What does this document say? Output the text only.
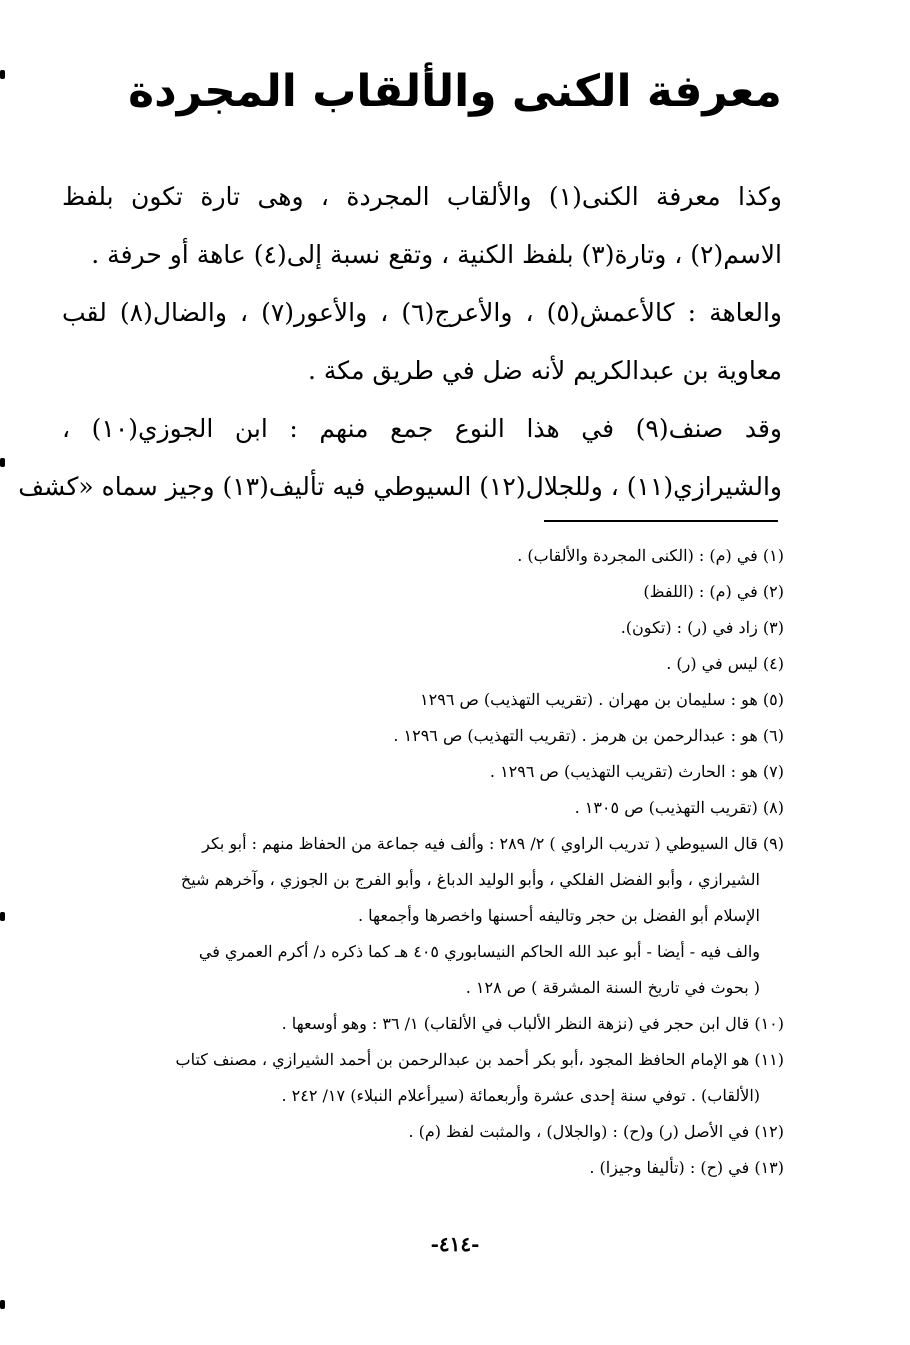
معرفة الكنى والألقاب المجردة
وكذا معرفة الكنى(١) والألقاب المجردة ، وهى تارة تكون بلفظ
الاسم(٢) ، وتارة(٣) بلفظ الكنية ، وتقع نسبة إلى(٤) عاهة أو حرفة .
والعاهة : كالأعمش(٥) ، والأعرج(٦) ، والأعور(٧) ، والضال(٨) لقب
معاوية بن عبدالكريم لأنه ضل في طريق مكة .
وقد صنف(٩) في هذا النوع جمع منهم : ابن الجوزي(١٠) ،
والشيرازي(١١) ، وللجلال(١٢) السيوطي فيه تأليف(١٣) وجيز سماه «كشف
(١) في (م) : (الكنى المجردة والألقاب) .
(٢) في (م) : (اللفظ)
(٣) زاد في (ر) : (تكون).
(٤) ليس في (ر) .
(٥) هو : سليمان بن مهران . (تقريب التهذيب) ص ١٢٩٦
(٦) هو : عبدالرحمن بن هرمز . (تقريب التهذيب) ص ١٢٩٦ .
(٧) هو : الحارث (تقريب التهذيب) ص ١٢٩٦ .
(٨) (تقريب التهذيب) ص ١٣٠٥ .
(٩) قال السيوطي ( تدريب الراوي ) ٢/ ٢٨٩ : وألف فيه جماعة من الحفاظ منهم : أبو بكر
الشيرازي ، وأبو الفضل الفلكي ، وأبو الوليد الدباغ ، وأبو الفرج بن الجوزي ، وآخرهم شيخ
الإسلام أبو الفضل بن حجر وتاليفه أحسنها واخصرها وأجمعها .
والف فيه - أيضا - أبو عبد الله الحاكم النيسابوري ٤٠٥ هـ كما ذكره د/ أكرم العمري في
( بحوث في تاريخ السنة المشرقة ) ص ١٢٨ .
(١٠) قال ابن حجر في (نزهة النظر الألباب في الألقاب) ١/ ٣٦ : وهو أوسعها .
(١١) هو الإمام الحافظ المجود ،أبو بكر أحمد بن عبدالرحمن بن أحمد الشيرازي ، مصنف كتاب
(الألقاب) . توفي سنة إحدى عشرة وأربعمائة (سيرأعلام النبلاء) ١٧/ ٢٤٢ .
(١٢) في الأصل (ر) و(ح) : (والجلال) ، والمثبت لفظ (م) .
(١٣) في (ح) : (تأليفا وجيزا) .
-٤١٤-
